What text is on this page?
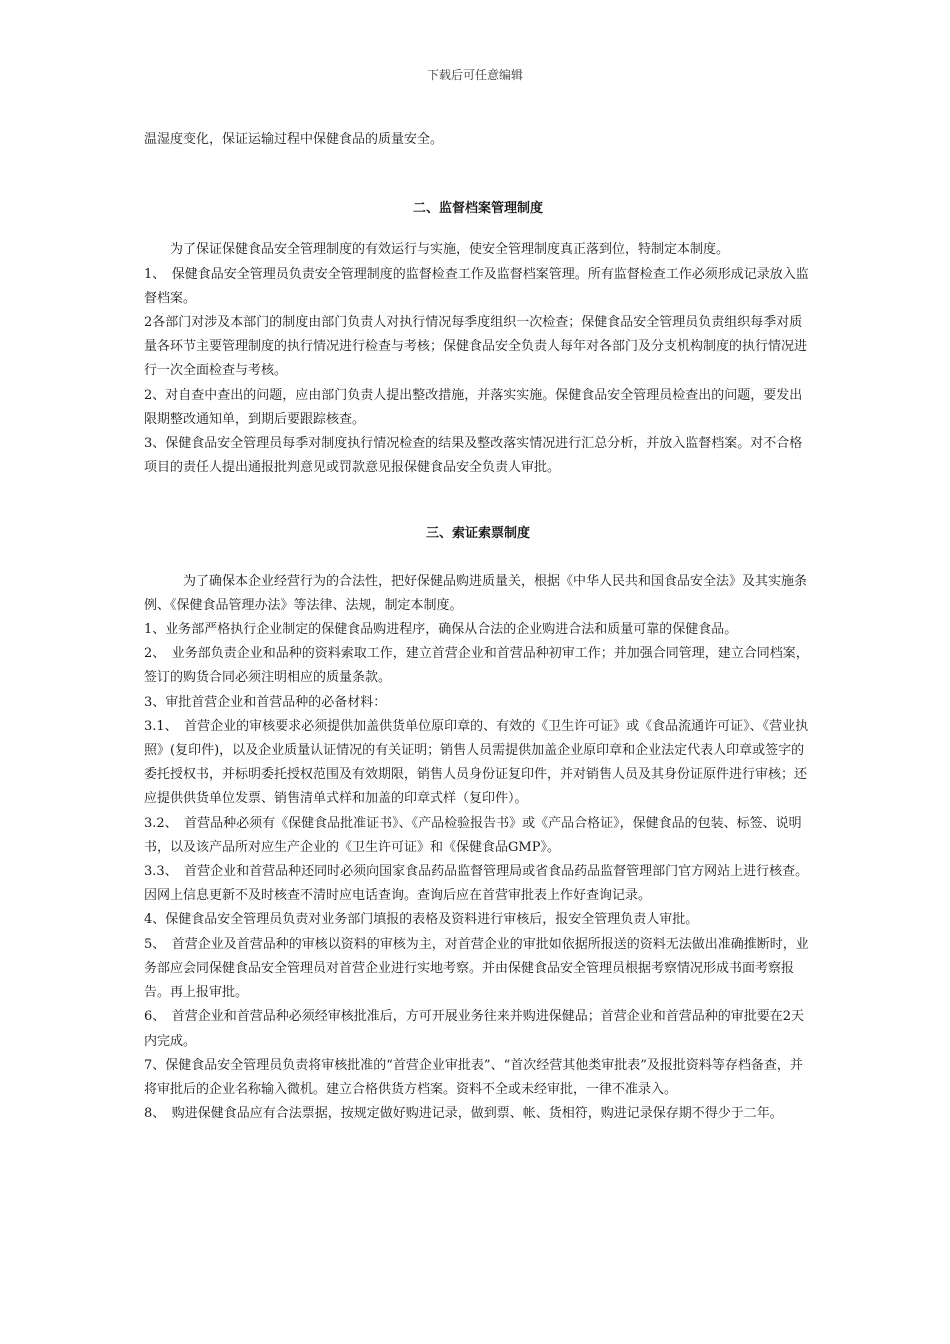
下载后可任意编辑

温湿度变化，保证运输过程中保健食品的质量安全。

二、监督档案管理制度

为了保证保健食品安全管理制度的有效运行与实施，使安全管理制度真正落到位，特制定本制度。

1、　保健食品安全管理员负责安全管理制度的监督检查工作及监督档案管理。所有监督检查工作必须形成记录放入监督档案。

2各部门对涉及本部门的制度由部门负责人对执行情况每季度组织一次检查；保健食品安全管理员负责组织每季对质量各环节主要管理制度的执行情况进行检查与考核；保健食品安全负责人每年对各部门及分支机构制度的执行情况进行一次全面检查与考核。

2、对自查中查出的问题，应由部门负责人提出整改措施，并落实实施。保健食品安全管理员检查出的问题，要发出限期整改通知单，到期后要跟踪核查。

3、保健食品安全管理员每季对制度执行情况检查的结果及整改落实情况进行汇总分析，并放入监督档案。对不合格项目的责任人提出通报批判意见或罚款意见报保健食品安全负责人审批。

三、索证索票制度

为了确保本企业经营行为的合法性，把好保健品购进质量关，根据《中华人民共和国食品安全法》及其实施条例、《保健食品管理办法》等法律、法规，制定本制度。

1、业务部严格执行企业制定的保健食品购进程序，确保从合法的企业购进合法和质量可靠的保健食品。

2、　业务部负责企业和品种的资料索取工作，建立首营企业和首营品种初审工作；并加强合同管理，建立合同档案，签订的购货合同必须注明相应的质量条款。

3、审批首营企业和首营品种的必备材料：

3.1、　首营企业的审核要求必须提供加盖供货单位原印章的、有效的《卫生许可证》或《食品流通许可证》、《营业执照》(复印件)，以及企业质量认证情况的有关证明；销售人员需提供加盖企业原印章和企业法定代表人印章或签字的委托授权书，并标明委托授权范围及有效期限，销售人员身份证复印件，并对销售人员及其身份证原件进行审核；还应提供供货单位发票、销售清单式样和加盖的印章式样（复印件）。

3.2、　首营品种必须有《保健食品批准证书》、《产品检验报告书》或《产品合格证》，保健食品的包装、标签、说明书，以及该产品所对应生产企业的《卫生许可证》和《保健食品GMP》。

3.3、　首营企业和首营品种还同时必须向国家食品药品监督管理局或省食品药品监督管理部门官方网站上进行核查。因网上信息更新不及时核查不清时应电话查询。查询后应在首营审批表上作好查询记录。

4、保健食品安全管理员负责对业务部门填报的表格及资料进行审核后，报安全管理负责人审批。

5、　首营企业及首营品种的审核以资料的审核为主，对首营企业的审批如依据所报送的资料无法做出准确推断时，业务部应会同保健食品安全管理员对首营企业进行实地考察。并由保健食品安全管理员根据考察情况形成书面考察报告。再上报审批。

6、　首营企业和首营品种必须经审核批准后，方可开展业务往来并购进保健品；首营企业和首营品种的审批要在2天内完成。

7、保健食品安全管理员负责将审核批准的“首营企业审批表”、“首次经营其他类审批表”及报批资料等存档备查，并将审批后的企业名称输入微机。建立合格供货方档案。资料不全或未经审批，一律不准录入。

8、　购进保健食品应有合法票据，按规定做好购进记录，做到票、帐、货相符，购进记录保存期不得少于二年。
